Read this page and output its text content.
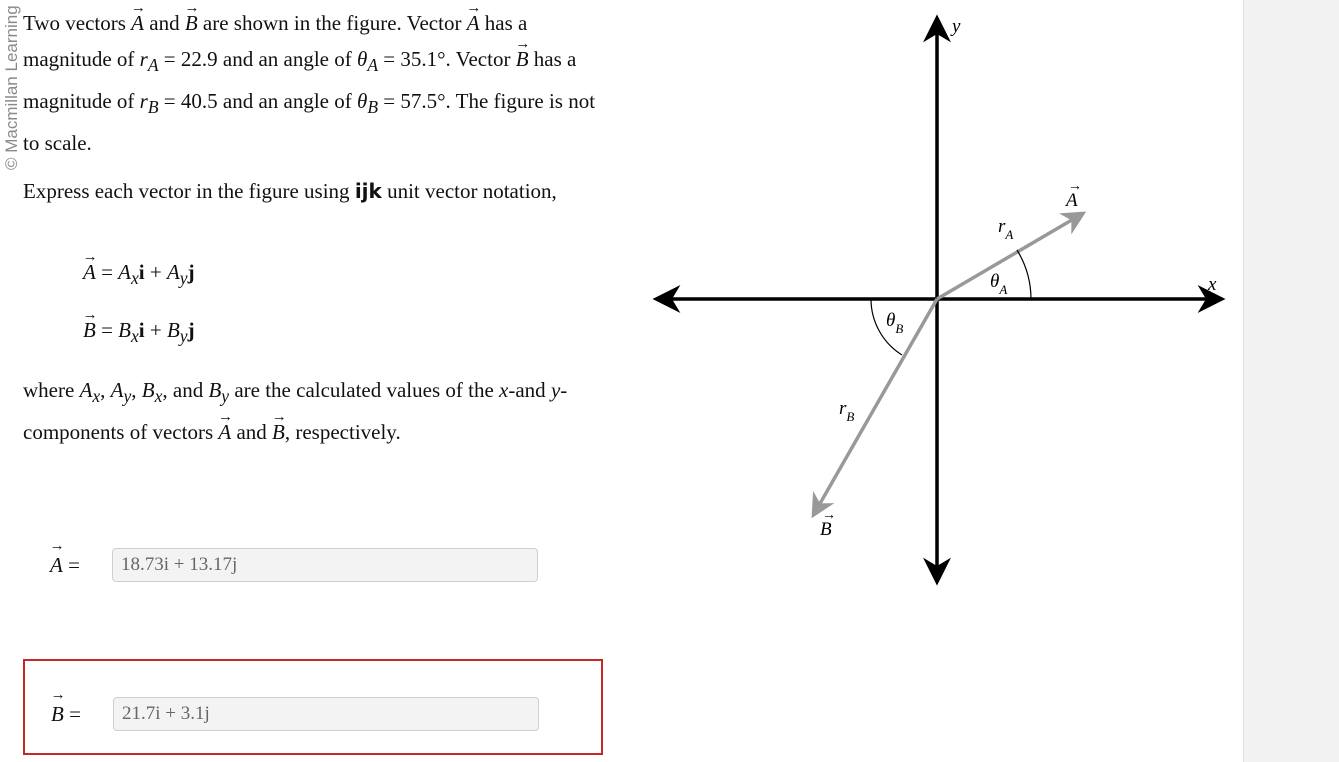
© Macmillan Learning Two vectors → A and → B are shown in the figure. Vector → A has a magnitude of $r_A = 22.9$ and an angle of $\theta_A = 35.1^\circ$. Vector → B has a magnitude of $r_B = 40.5$ and an angle of $\theta_B = 57.5^\circ$. The figure is not to scale.

Express each vector in the figure using ijk unit vector notation,

→ $A = A_xi + A_yj$
→ $B = B_xi + B_yj$
where $A_x$, $A_y$, $B_x$, and $B_y$ are the calculated values of the x-and y-components of vectors → A and → B, respectively.
→ A =	18.73i + 13.17j
→ B =	21.7i + 3.1j
y
x
A
→
B
→
$r_A$
$\theta_A$
$\theta_B$
$r_B$
